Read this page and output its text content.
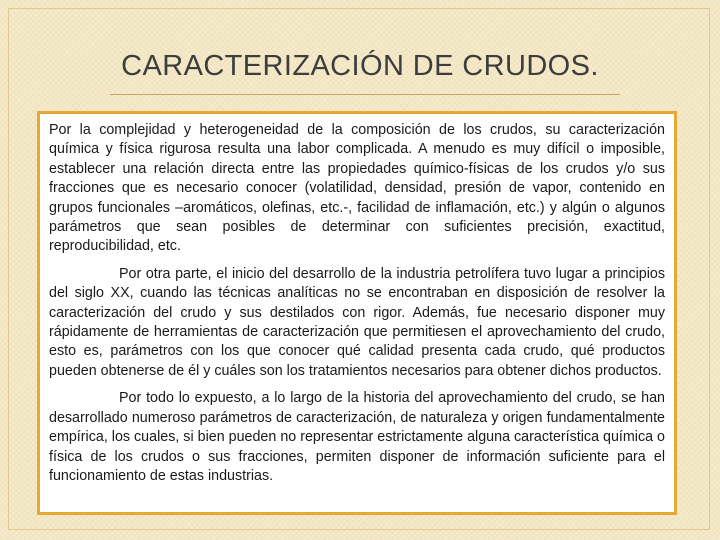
CARACTERIZACIÓN DE CRUDOS.

Por la complejidad y heterogeneidad de la composición de los crudos, su caracterización química y física rigurosa resulta una labor complicada. A menudo es muy difícil o imposible, establecer una relación directa entre las propiedades químico-físicas de los crudos y/o sus fracciones que es necesario conocer (volatilidad, densidad, presión de vapor, contenido en grupos funcionales –aromáticos, olefinas, etc.-, facilidad de inflamación, etc.) y algún o algunos parámetros que sean posibles de determinar con suficientes precisión, exactitud, reproducibilidad, etc.

Por otra parte, el inicio del desarrollo de la industria petrolífera tuvo lugar a principios del siglo XX, cuando las técnicas analíticas no se encontraban en disposición de resolver la caracterización del crudo y sus destilados con rigor. Además, fue necesario disponer muy rápidamente de herramientas de caracterización que permitiesen el aprovechamiento del crudo, esto es, parámetros con los que conocer qué calidad presenta cada crudo, qué productos pueden obtenerse de él y cuáles son los tratamientos necesarios para obtener dichos productos.

Por todo lo expuesto, a lo largo de la historia del aprovechamiento del crudo, se han desarrollado numeroso parámetros de caracterización, de naturaleza y origen fundamentalmente empírica, los cuales, si bien pueden no representar estrictamente alguna característica química o física de los crudos o sus fracciones, permiten disponer de información suficiente para el funcionamiento de estas industrias.
